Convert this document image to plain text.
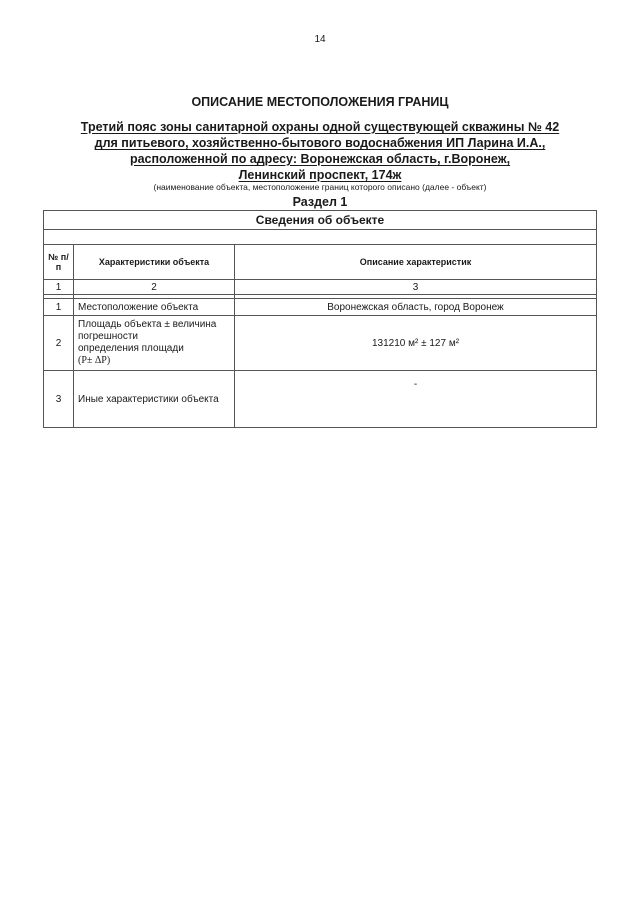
14
ОПИСАНИЕ МЕСТОПОЛОЖЕНИЯ ГРАНИЦ
Третий пояс зоны санитарной охраны одной существующей скважины № 42
для питьевого, хозяйственно-бытового водоснабжения ИП Ларина И.А.,
расположенной по адресу: Воронежская область, г.Воронеж,
Ленинский проспект, 174ж
(наименование объекта, местоположение границ которого описано (далее - объект)
Раздел 1
Сведения об объекте		

№ п/п	Характеристики объекта	Описание характеристик
1	2	3

1	Местоположение объекта	Воронежская область, город Воронеж
2	Площадь объекта ± величина
погрешности
определения площади
(P± ΔP)	131210 м² ± 127 м²
3	Иные характеристики объекта	-
